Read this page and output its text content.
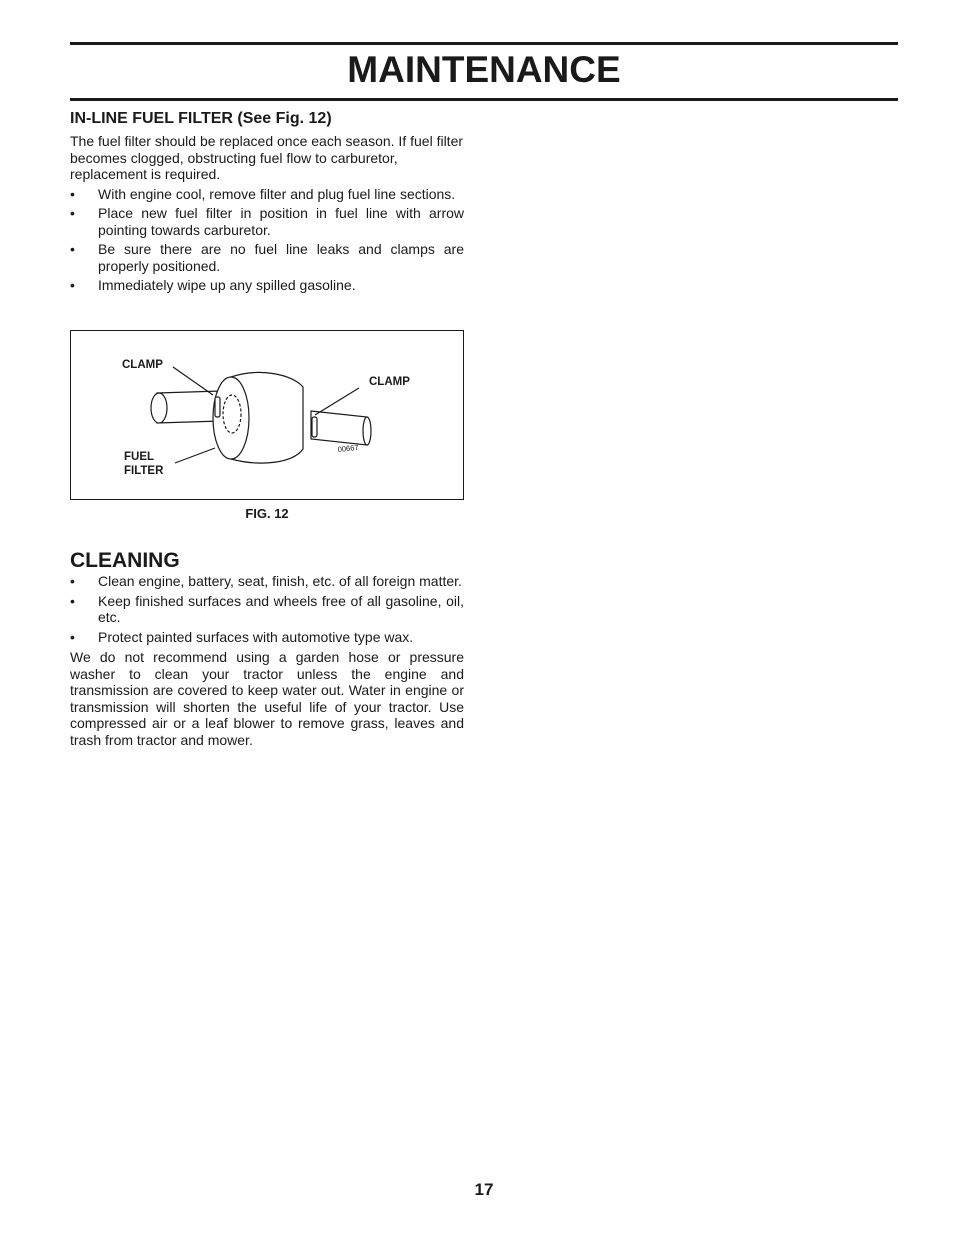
MAINTENANCE
IN-LINE FUEL FILTER (See Fig. 12)

The fuel filter should be replaced once each season. If fuel filter becomes clogged, obstructing fuel flow to carburetor, replacement is required.

• With engine cool, remove filter and plug fuel line sections.
• Place new fuel filter in position in fuel line with arrow pointing towards carburetor.
• Be sure there are no fuel line leaks and clamps are properly positioned.
• Immediately wipe up any spilled gasoline.
CLAMP
CLAMP
FUEL
FILTER
00667
FIG. 12
CLEANING
• Clean engine, battery, seat, finish, etc. of all foreign matter.
• Keep finished surfaces and wheels free of all gasoline, oil, etc.
• Protect painted surfaces with automotive type wax.

We do not recommend using a garden hose or pressure washer to clean your tractor unless the engine and transmission are covered to keep water out. Water in engine or transmission will shorten the useful life of your tractor. Use compressed air or a leaf blower to remove grass, leaves and trash from tractor and mower.

17
